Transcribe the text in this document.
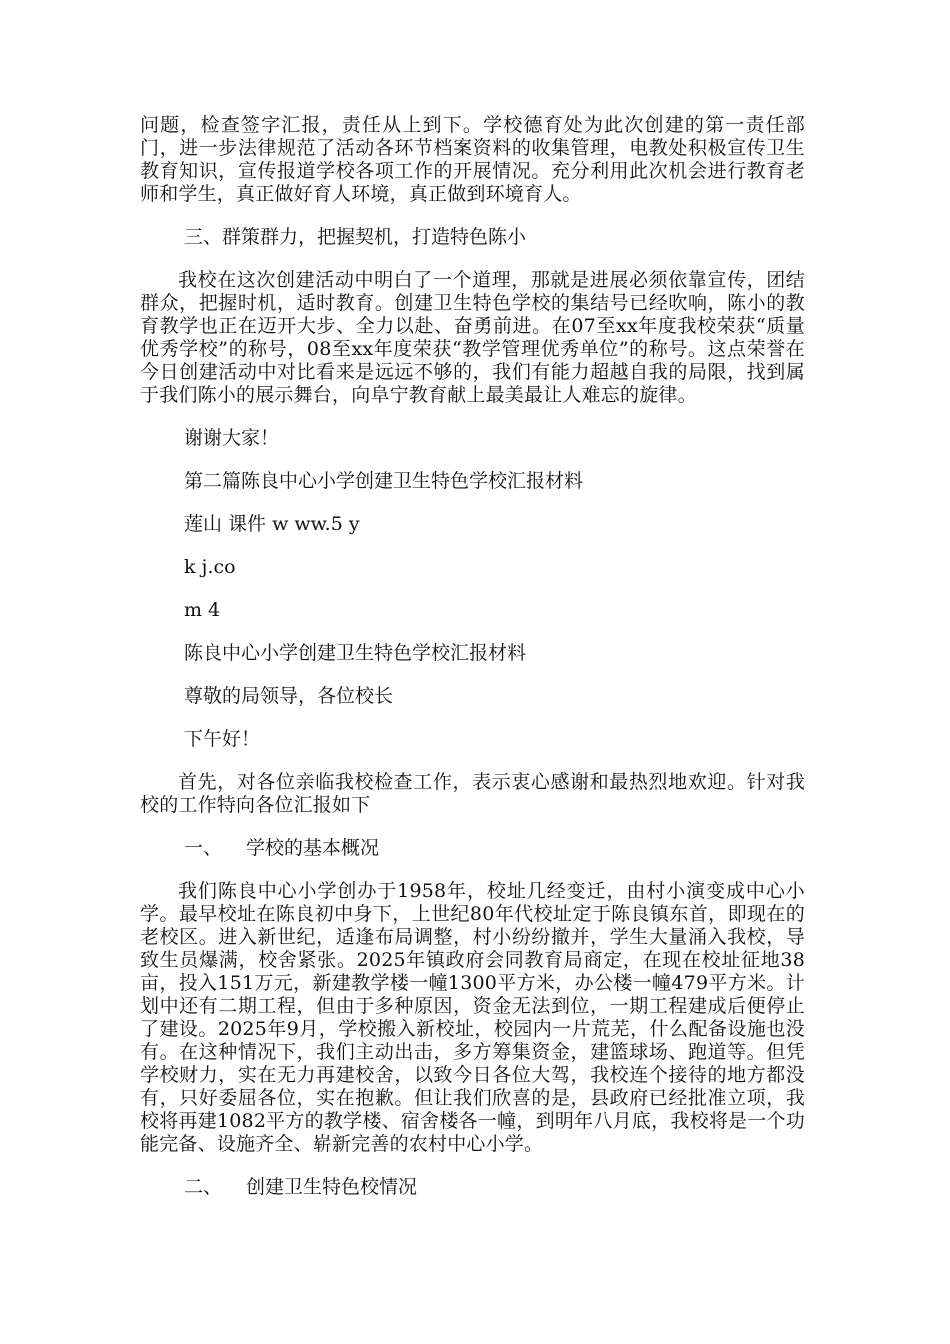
问题，检查签字汇报，责任从上到下。学校德育处为此次创建的第一责任部门，进一步法律规范了活动各环节档案资料的收集管理，电教处积极宣传卫生教育知识，宣传报道学校各项工作的开展情况。充分利用此次机会进行教育老师和学生，真正做好育人环境，真正做到环境育人。

三、群策群力，把握契机，打造特色陈小

我校在这次创建活动中明白了一个道理，那就是进展必须依靠宣传，团结群众，把握时机，适时教育。创建卫生特色学校的集结号已经吹响，陈小的教育教学也正在迈开大步、全力以赴、奋勇前进。在07至xx年度我校荣获“质量优秀学校”的称号，08至xx年度荣获“教学管理优秀单位”的称号。这点荣誉在今日创建活动中对比看来是远远不够的，我们有能力超越自我的局限，找到属于我们陈小的展示舞台，向阜宁教育献上最美最让人难忘的旋律。

谢谢大家！

第二篇陈良中心小学创建卫生特色学校汇报材料

莲山 课件 w ww.5 y

k j.co

m 4

陈良中心小学创建卫生特色学校汇报材料

尊敬的局领导，各位校长

下午好！

首先，对各位亲临我校检查工作，表示衷心感谢和最热烈地欢迎。针对我校的工作特向各位汇报如下

一、 学校的基本概况

我们陈良中心小学创办于1958年，校址几经变迁，由村小演变成中心小学。最早校址在陈良初中身下，上世纪80年代校址定于陈良镇东首，即现在的老校区。进入新世纪，适逢布局调整，村小纷纷撤并，学生大量涌入我校，导致生员爆满，校舍紧张。2025年镇政府会同教育局商定，在现在校址征地38亩，投入151万元，新建教学楼一幢1300平方米，办公楼一幢479平方米。计划中还有二期工程，但由于多种原因，资金无法到位，一期工程建成后便停止了建设。2025年9月，学校搬入新校址，校园内一片荒芜，什么配备设施也没有。在这种情况下，我们主动出击，多方筹集资金，建篮球场、跑道等。但凭学校财力，实在无力再建校舍，以致今日各位大驾，我校连个接待的地方都没有，只好委屈各位，实在抱歉。但让我们欣喜的是，县政府已经批准立项，我校将再建1082平方的教学楼、宿舍楼各一幢，到明年八月底，我校将是一个功能完备、设施齐全、崭新完善的农村中心小学。

二、 创建卫生特色校情况
